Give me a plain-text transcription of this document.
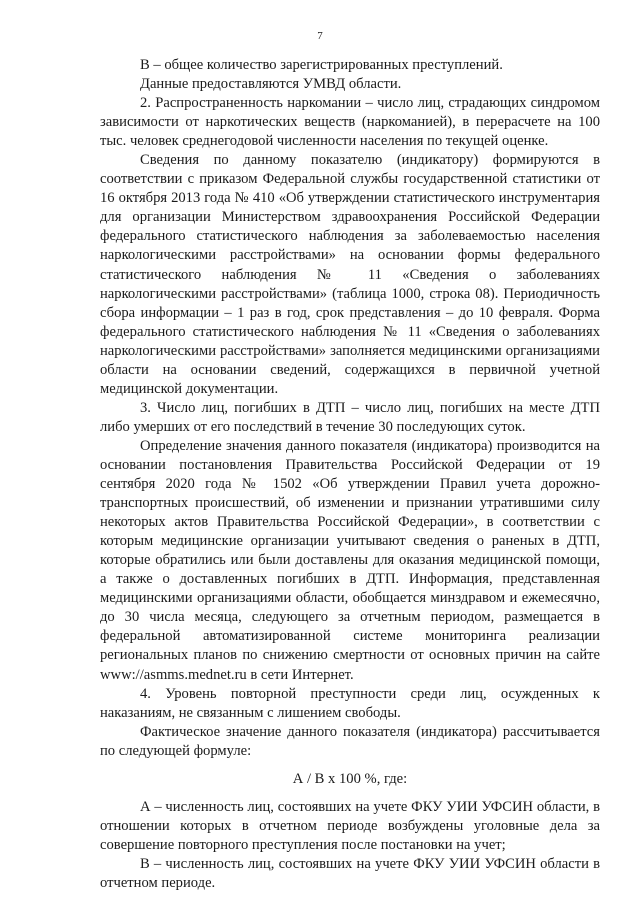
7

В – общее количество зарегистрированных преступлений.

Данные предоставляются УМВД области.

2. Распространенность наркомании – число лиц, страдающих синдромом зависимости от наркотических веществ (наркоманией), в перерасчете на 100 тыс. человек среднегодовой численности населения по текущей оценке.

Сведения по данному показателю (индикатору) формируются в соответствии с приказом Федеральной службы государственной статистики от 16 октября 2013 года № 410 «Об утверждении статистического инструментария для организации Министерством здравоохранения Российской Федерации федерального статистического наблюдения за заболеваемостью населения наркологическими расстройствами» на основании формы федерального статистического наблюдения № 11 «Сведения о заболеваниях наркологическими расстройствами» (таблица 1000, строка 08). Периодичность сбора информации – 1 раз в год, срок представления – до 10 февраля. Форма федерального статистического наблюдения № 11 «Сведения о заболеваниях наркологическими расстройствами» заполняется медицинскими организациями области на основании сведений, содержащихся в первичной учетной медицинской документации.

3. Число лиц, погибших в ДТП – число лиц, погибших на месте ДТП либо умерших от его последствий в течение 30 последующих суток.

Определение значения данного показателя (индикатора) производится на основании постановления Правительства Российской Федерации от 19 сентября 2020 года № 1502 «Об утверждении Правил учета дорожно-транспортных происшествий, об изменении и признании утратившими силу некоторых актов Правительства Российской Федерации», в соответствии с которым медицинские организации учитывают сведения о раненых в ДТП, которые обратились или были доставлены для оказания медицинской помощи, а также о доставленных погибших в ДТП. Информация, представленная медицинскими организациями области, обобщается минздравом и ежемесячно, до 30 числа месяца, следующего за отчетным периодом, размещается в федеральной автоматизированной системе мониторинга реализации региональных планов по снижению смертности от основных причин на сайте www://asmms.mednet.ru в сети Интернет.

4. Уровень повторной преступности среди лиц, осужденных к наказаниям, не связанным с лишением свободы.

Фактическое значение данного показателя (индикатора) рассчитывается по следующей формуле:

А / В х 100 %, где:

А – численность лиц, состоявших на учете ФКУ УИИ УФСИН области, в отношении которых в отчетном периоде возбуждены уголовные дела за совершение повторного преступления после постановки на учет;

В – численность лиц, состоявших на учете ФКУ УИИ УФСИН области в отчетном периоде.
